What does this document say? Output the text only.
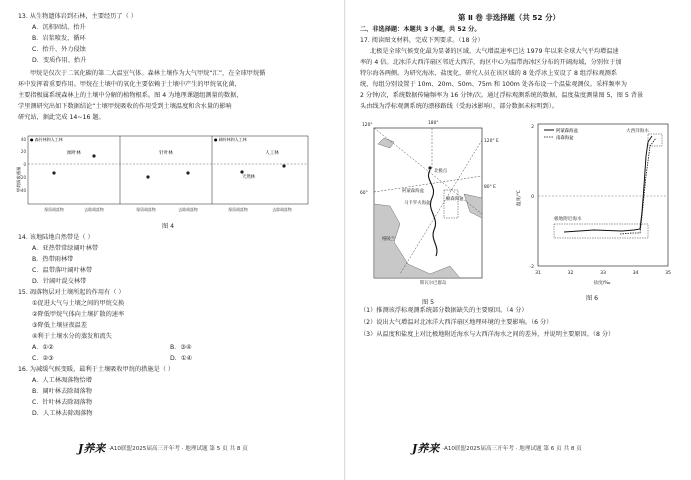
13. 从生物遗体岩到石林，主要经历了（ ）
A．沉积固结、抬升
B．岩浆喷发、循环
C．抬升、外力侵蚀
D．变质作用、抬升
甲烷是仅次于二氧化碳的第二大温室气体。森林土壤作为大气甲烷“汇”，在全球甲烷循
环中发挥着重要作用。甲烷在土壤中的氧化主要依赖于土壤中产生的甲烷氧化菌，
主要指极属系统森林上的土壤中分解的植物根系。图 4 为地理课题组测量的数据，
学里测研究出如下数据结论“土壤甲烷吸收的作用受到土壤温度和含水量的影响
研究站，据此完成 14~16 题。
甲烷吸收通量
40
20
0
-20
-40
● 森针林和人工林	● 阔叶林和人工林
阔叶林	针叶林	人工林
天然林
保留凋落物	去除凋落物	保留凋落物	去除凋落物	保留凋落物	去除凋落物
图 4
14. 该地陆地自然带是（ ）
A．亚热带常绿阔叶林带
B．热带雨林带
C．温带落叶阔叶林带
D．针阔叶混交林带
15. 凋落物层对土壤所起的作用有（ ）
①促进大气与土壤之间的甲烷交换
②降低甲烷气体向土壤扩散的速率
③降低土壤昼夜温差
④利于土壤水分的蒸发和流失
A．①②	B．③④
C．②③	D．①④
16. 为减缓气候变暖，最利于土壤吸收甲烷的措施是（ ）
A．人工林凋落物恰增
B．阔叶林去除凋落物
C．针叶林去除凋落物
D．人工林去除凋落物
J养来 ·A10联盟2025届高三开年考 · 地理试题 第 5 页 共 8 页
第 Ⅱ 卷 非选择题（共 52 分）
二、非选择题：本题共 3 小题，共 52 分。
17. 阅读图文材料，完成下列要求。（18 分）
北极是全球气候变化最为显著的区域，大气增温速率已达 1979 年以来全球大气平均增温速
率的 4 倍。北冰洋大西洋扇区邻近大西洋，海区中心为温带海冰区分布的开阔海域，分别位于加
特尔海各两侧。为研究海冰、盐度化，研究人员在该区域的 8 处浮冰上安设了 8 组浮标观测系
统，每组分别设置于 10m、20m、50m、75m 和 100m 处各布设一个温盐观测仪。采样频率为
2 分钟/次，系统数据传输频率为 16 分钟/次。通过浮标观测系统的数据，温度盐度测量图 5，图 5 背景
头由线为浮标观测系统的漂移路线（受海冰影响），部分数据未标明到）。
180°
120°
120° E
80° E
60°
北极点
阿蒙森海盆
马卡罗夫海盆
楠森海盆
格陵兰
斯瓦尔巴群岛
图 5
2
0
-2
31	32	33	34	35
盐度/‰
温度/℃
大西洋海水
极地附近海水
阿蒙森海盆
南森海盆
图 6
（1）推测该浮标观测系统部分数据缺失的主要原因。（4 分）
（2）说出大气增温对北冰洋大西洋扇区地理环境的主要影响。（6 分）
（3）从温度和盐度上对比极地附近海水与大西洋海水之间的差异，并说明主要原因。（8 分）
J养来 ·A10联盟2025届高三开年考 · 地理试题 第 6 页 共 8 页
